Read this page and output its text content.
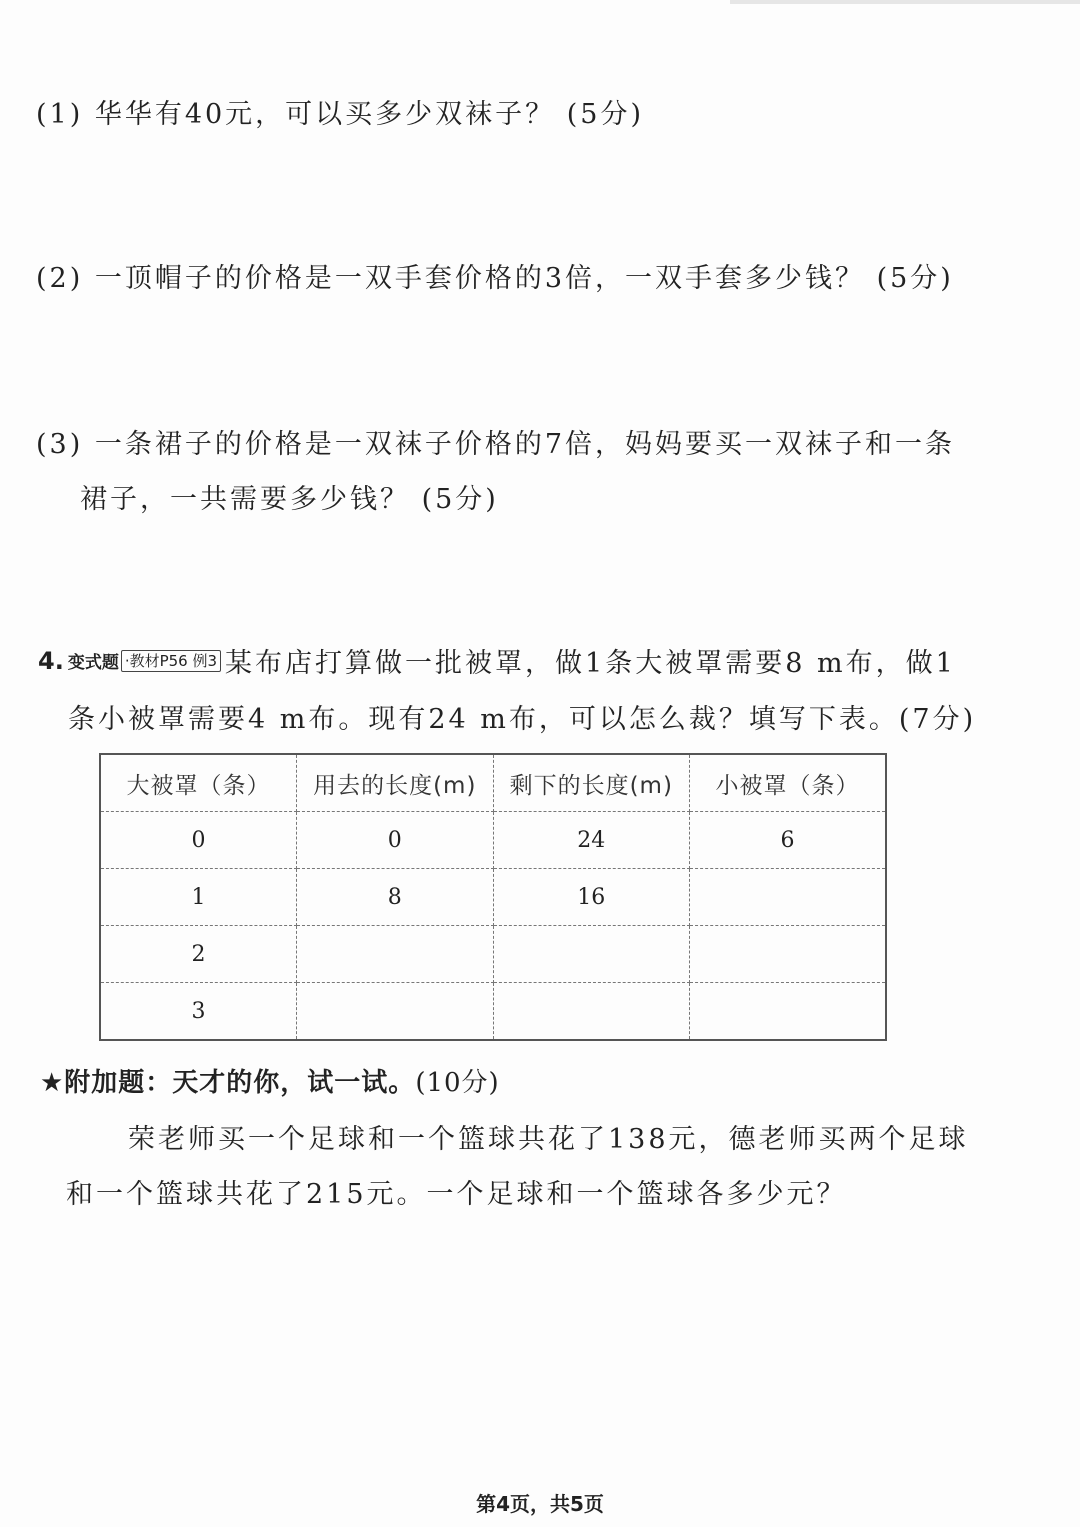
(1) 华华有40元，可以买多少双袜子？ (5分)
(2) 一顶帽子的价格是一双手套价格的3倍，一双手套多少钱？ (5分)
(3) 一条裙子的价格是一双袜子价格的7倍，妈妈要买一双袜子和一条
裙子，一共需要多少钱？ (5分)
4. 变式题 ·教材P56 例3 某布店打算做一批被罩，做1条大被罩需要8 m布，做1
条小被罩需要4 m布。现有24 m布，可以怎么裁？填写下表。(7分)
大被罩（条）	用去的长度(m)	剩下的长度(m)	小被罩（条）
0	0	24	6
1	8	16	
2			
3			
★附加题：天才的你，试一试。(10分)
荣老师买一个足球和一个篮球共花了138元，德老师买两个足球
和一个篮球共花了215元。一个足球和一个篮球各多少元？
第4页，共5页
